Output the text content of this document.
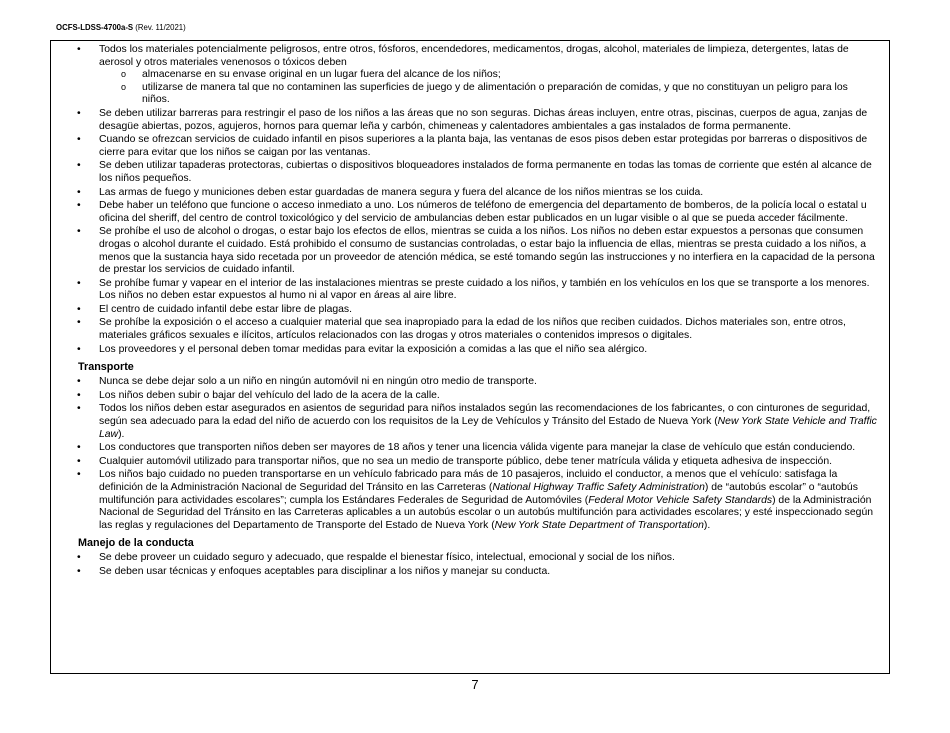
OCFS-LDSS-4700a-S (Rev. 11/2021)
• Todos los materiales potencialmente peligrosos, entre otros, fósforos, encendedores, medicamentos, drogas, alcohol, materiales de limpieza, detergentes, latas de aerosol y otros materiales venenosos o tóxicos deben
o almacenarse en su envase original en un lugar fuera del alcance de los niños;
o utilizarse de manera tal que no contaminen las superficies de juego y de alimentación o preparación de comidas, y que no constituyan un peligro para los niños.
• Se deben utilizar barreras para restringir el paso de los niños a las áreas que no son seguras. Dichas áreas incluyen, entre otras, piscinas, cuerpos de agua, zanjas de desagüe abiertas, pozos, agujeros, hornos para quemar leña y carbón, chimeneas y calentadores ambientales a gas instalados de forma permanente.
• Cuando se ofrezcan servicios de cuidado infantil en pisos superiores a la planta baja, las ventanas de esos pisos deben estar protegidas por barreras o dispositivos de cierre para evitar que los niños se caigan por las ventanas.
• Se deben utilizar tapaderas protectoras, cubiertas o dispositivos bloqueadores instalados de forma permanente en todas las tomas de corriente que estén al alcance de los niños pequeños.
• Las armas de fuego y municiones deben estar guardadas de manera segura y fuera del alcance de los niños mientras se los cuida.
• Debe haber un teléfono que funcione o acceso inmediato a uno. Los números de teléfono de emergencia del departamento de bomberos, de la policía local o estatal u oficina del sheriff, del centro de control toxicológico y del servicio de ambulancias deben estar publicados en un lugar visible o al que se pueda acceder fácilmente.
• Se prohíbe el uso de alcohol o drogas, o estar bajo los efectos de ellos, mientras se cuida a los niños. Los niños no deben estar expuestos a personas que consumen drogas o alcohol durante el cuidado. Está prohibido el consumo de sustancias controladas, o estar bajo la influencia de ellas, mientras se presta cuidado a los niños, a menos que la sustancia haya sido recetada por un proveedor de atención médica, se esté tomando según las instrucciones y no interfiera en la capacidad de la persona de prestar los servicios de cuidado infantil.
• Se prohíbe fumar y vapear en el interior de las instalaciones mientras se preste cuidado a los niños, y también en los vehículos en los que se transporte a los menores. Los niños no deben estar expuestos al humo ni al vapor en áreas al aire libre.
• El centro de cuidado infantil debe estar libre de plagas.
• Se prohíbe la exposición o el acceso a cualquier material que sea inapropiado para la edad de los niños que reciben cuidados. Dichos materiales son, entre otros, materiales gráficos sexuales e ilícitos, artículos relacionados con las drogas y otros materiales o contenidos impresos o digitales.
• Los proveedores y el personal deben tomar medidas para evitar la exposición a comidas a las que el niño sea alérgico.
Transporte
• Nunca se debe dejar solo a un niño en ningún automóvil ni en ningún otro medio de transporte.
• Los niños deben subir o bajar del vehículo del lado de la acera de la calle.
• Todos los niños deben estar asegurados en asientos de seguridad para niños instalados según las recomendaciones de los fabricantes, o con cinturones de seguridad, según sea adecuado para la edad del niño de acuerdo con los requisitos de la Ley de Vehículos y Tránsito del Estado de Nueva York (New York State Vehicle and Traffic Law).
• Los conductores que transporten niños deben ser mayores de 18 años y tener una licencia válida vigente para manejar la clase de vehículo que están conduciendo.
• Cualquier automóvil utilizado para transportar niños, que no sea un medio de transporte público, debe tener matrícula válida y etiqueta adhesiva de inspección.
• Los niños bajo cuidado no pueden transportarse en un vehículo fabricado para más de 10 pasajeros, incluido el conductor, a menos que el vehículo: satisfaga la definición de la Administración Nacional de Seguridad del Tránsito en las Carreteras (National Highway Traffic Safety Administration) de “autobús escolar” o “autobús multifunción para actividades escolares”; cumpla los Estándares Federales de Seguridad de Automóviles (Federal Motor Vehicle Safety Standards) de la Administración Nacional de Seguridad del Tránsito en las Carreteras aplicables a un autobús escolar o un autobús multifunción para actividades escolares; y esté inspeccionado según las reglas y regulaciones del Departamento de Transporte del Estado de Nueva York (New York State Department of Transportation).
Manejo de la conducta
• Se debe proveer un cuidado seguro y adecuado, que respalde el bienestar físico, intelectual, emocional y social de los niños.
• Se deben usar técnicas y enfoques aceptables para disciplinar a los niños y manejar su conducta.
7
